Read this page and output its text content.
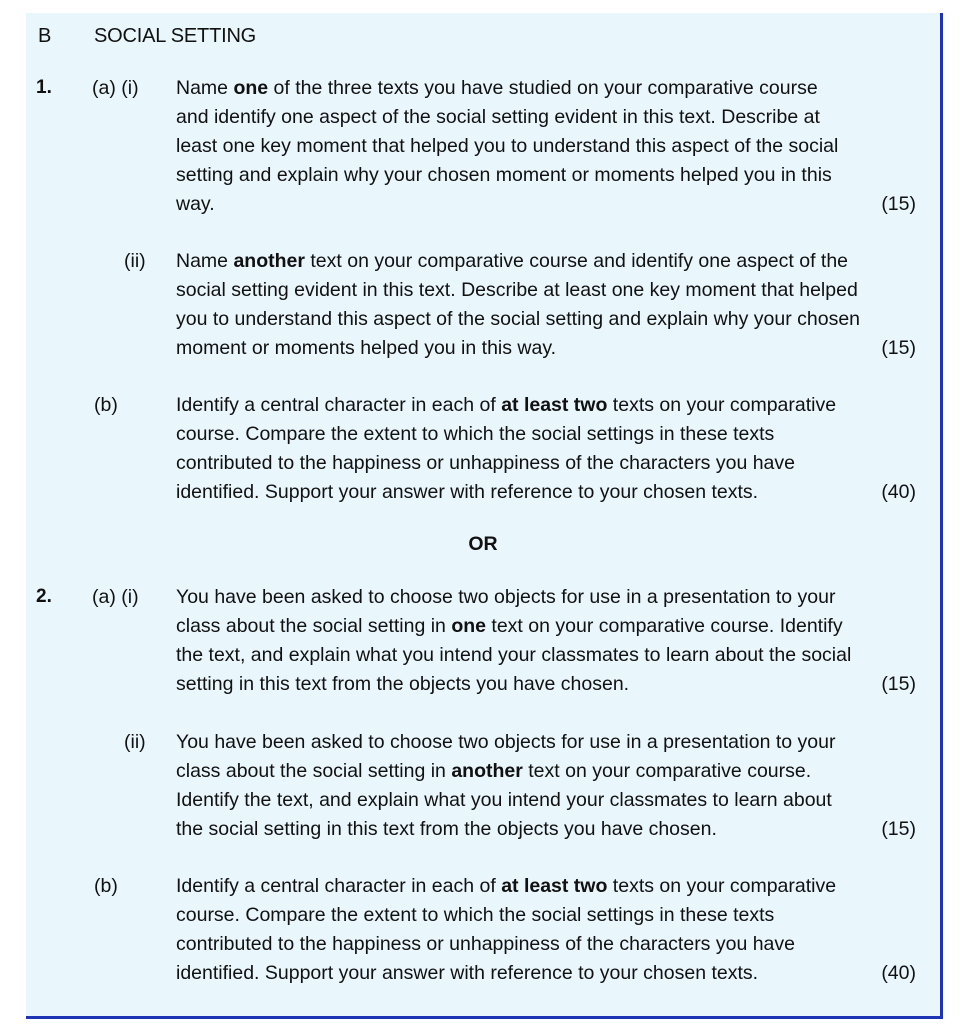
B SOCIAL SETTING
1. (a) (i) Name one of the three texts you have studied on your comparative course
and identify one aspect of the social setting evident in this text. Describe at
least one key moment that helped you to understand this aspect of the social
setting and explain why your chosen moment or moments helped you in this
way.	(15)
(ii) Name another text on your comparative course and identify one aspect of the
social setting evident in this text. Describe at least one key moment that helped
you to understand this aspect of the social setting and explain why your chosen
moment or moments helped you in this way.	(15)
(b)	Identify a central character in each of at least two texts on your comparative
course. Compare the extent to which the social settings in these texts
contributed to the happiness or unhappiness of the characters you have
identified. Support your answer with reference to your chosen texts.	(40)
OR
2. (a) (i) You have been asked to choose two objects for use in a presentation to your
class about the social setting in one text on your comparative course. Identify
the text, and explain what you intend your classmates to learn about the social
setting in this text from the objects you have chosen.	(15)
(ii) You have been asked to choose two objects for use in a presentation to your
class about the social setting in another text on your comparative course.
Identify the text, and explain what you intend your classmates to learn about
the social setting in this text from the objects you have chosen.	(15)
(b)	Identify a central character in each of at least two texts on your comparative
course. Compare the extent to which the social settings in these texts
contributed to the happiness or unhappiness of the characters you have
identified. Support your answer with reference to your chosen texts.	(40)
